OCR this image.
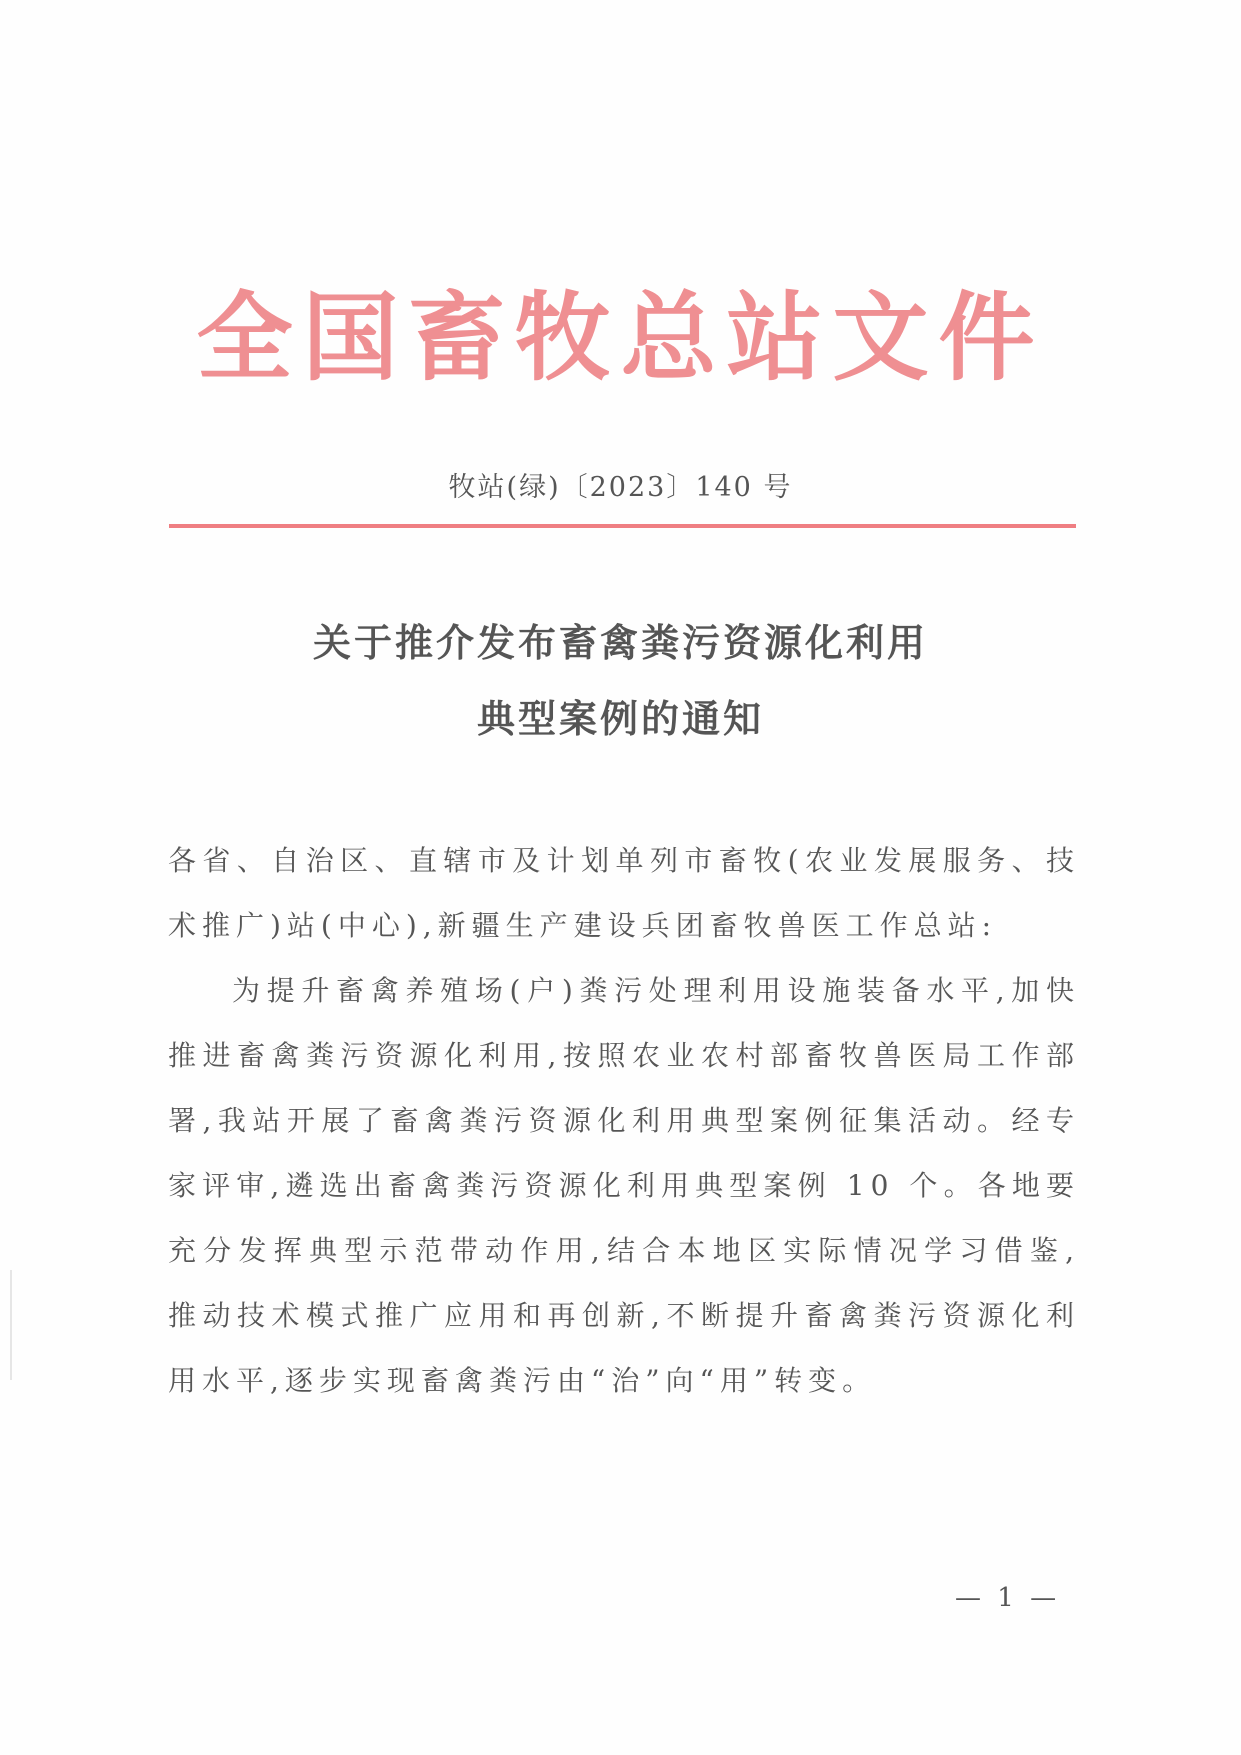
全国畜牧总站文件
牧站(绿)〔2023〕140 号
关于推介发布畜禽粪污资源化利用
典型案例的通知

各省、自治区、直辖市及计划单列市畜牧(农业发展服务、技术推广)站(中心),新疆生产建设兵团畜牧兽医工作总站:

为提升畜禽养殖场(户)粪污处理利用设施装备水平,加快推进畜禽粪污资源化利用,按照农业农村部畜牧兽医局工作部署,我站开展了畜禽粪污资源化利用典型案例征集活动。经专家评审,遴选出畜禽粪污资源化利用典型案例 10 个。各地要充分发挥典型示范带动作用,结合本地区实际情况学习借鉴,推动技术模式推广应用和再创新,不断提升畜禽粪污资源化利用水平,逐步实现畜禽粪污由“治”向“用”转变。

— 1 —
